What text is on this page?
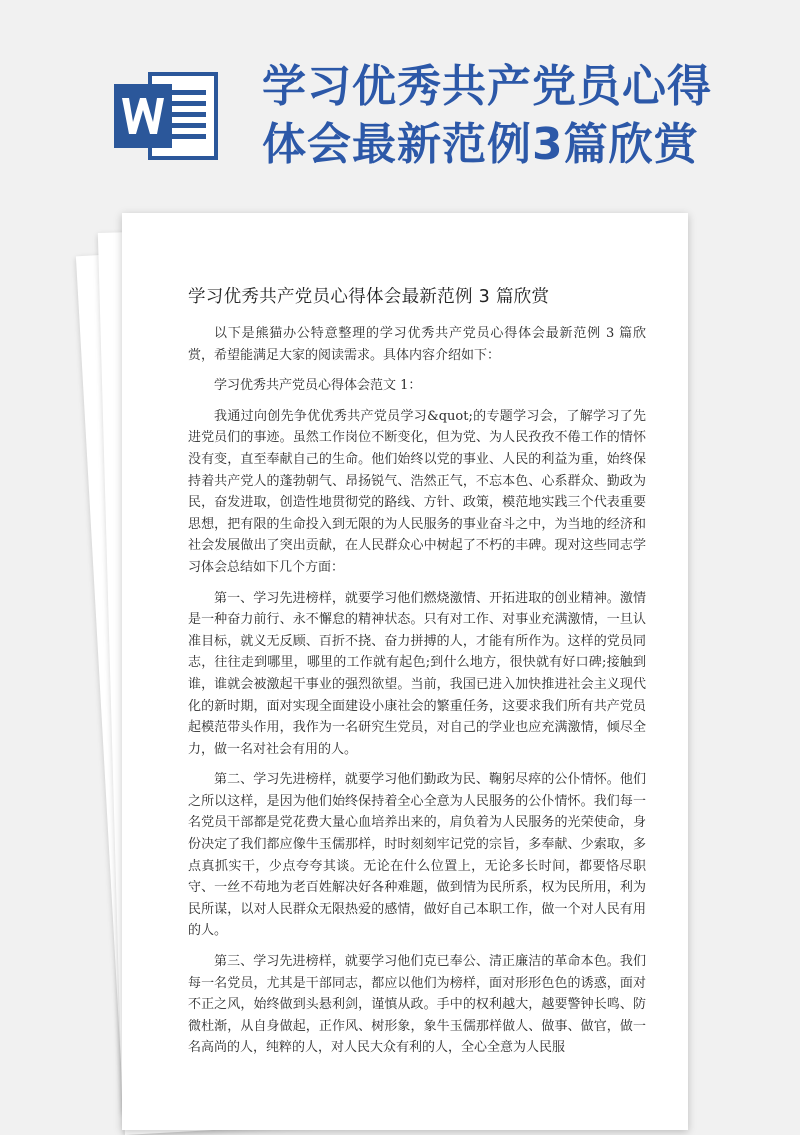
学习优秀共产党员心得
体会最新范例3篇欣赏
学习优秀共产党员心得体会最新范例 3 篇欣赏

以下是熊猫办公特意整理的学习优秀共产党员心得体会最新范例 3 篇欣赏，希望能满足大家的阅读需求。具体内容介绍如下：

学习优秀共产党员心得体会范文 1：

我通过向创先争优优秀共产党员学习&quot;的专题学习会，了解学习了先进党员们的事迹。虽然工作岗位不断变化，但为党、为人民孜孜不倦工作的情怀没有变，直至奉献自己的生命。他们始终以党的事业、人民的利益为重，始终保持着共产党人的蓬勃朝气、昂扬锐气、浩然正气，不忘本色、心系群众、勤政为民，奋发进取，创造性地贯彻党的路线、方针、政策，模范地实践三个代表重要思想，把有限的生命投入到无限的为人民服务的事业奋斗之中，为当地的经济和社会发展做出了突出贡献，在人民群众心中树起了不朽的丰碑。现对这些同志学习体会总结如下几个方面：

第一、学习先进榜样，就要学习他们燃烧激情、开拓进取的创业精神。激情是一种奋力前行、永不懈怠的精神状态。只有对工作、对事业充满激情，一旦认准目标，就义无反顾、百折不挠、奋力拼搏的人，才能有所作为。这样的党员同志，往往走到哪里，哪里的工作就有起色;到什么地方，很快就有好口碑;接触到谁，谁就会被激起干事业的强烈欲望。当前，我国已进入加快推进社会主义现代化的新时期，面对实现全面建设小康社会的繁重任务，这要求我们所有共产党员起模范带头作用，我作为一名研究生党员，对自己的学业也应充满激情，倾尽全力，做一名对社会有用的人。

第二、学习先进榜样，就要学习他们勤政为民、鞠躬尽瘁的公仆情怀。他们之所以这样，是因为他们始终保持着全心全意为人民服务的公仆情怀。我们每一名党员干部都是党花费大量心血培养出来的，肩负着为人民服务的光荣使命，身份决定了我们都应像牛玉儒那样，时时刻刻牢记党的宗旨，多奉献、少索取，多点真抓实干，少点夸夸其谈。无论在什么位置上，无论多长时间，都要恪尽职守、一丝不苟地为老百姓解决好各种难题，做到情为民所系，权为民所用，利为民所谋，以对人民群众无限热爱的感情，做好自己本职工作，做一个对人民有用的人。

第三、学习先进榜样，就要学习他们克已奉公、清正廉洁的革命本色。我们每一名党员，尤其是干部同志，都应以他们为榜样，面对形形色色的诱惑，面对不正之风，始终做到头悬利剑，谨慎从政。手中的权利越大，越要警钟长鸣、防微杜渐，从自身做起，正作风、树形象，象牛玉儒那样做人、做事、做官，做一名高尚的人，纯粹的人，对人民大众有利的人，全心全意为人民服
